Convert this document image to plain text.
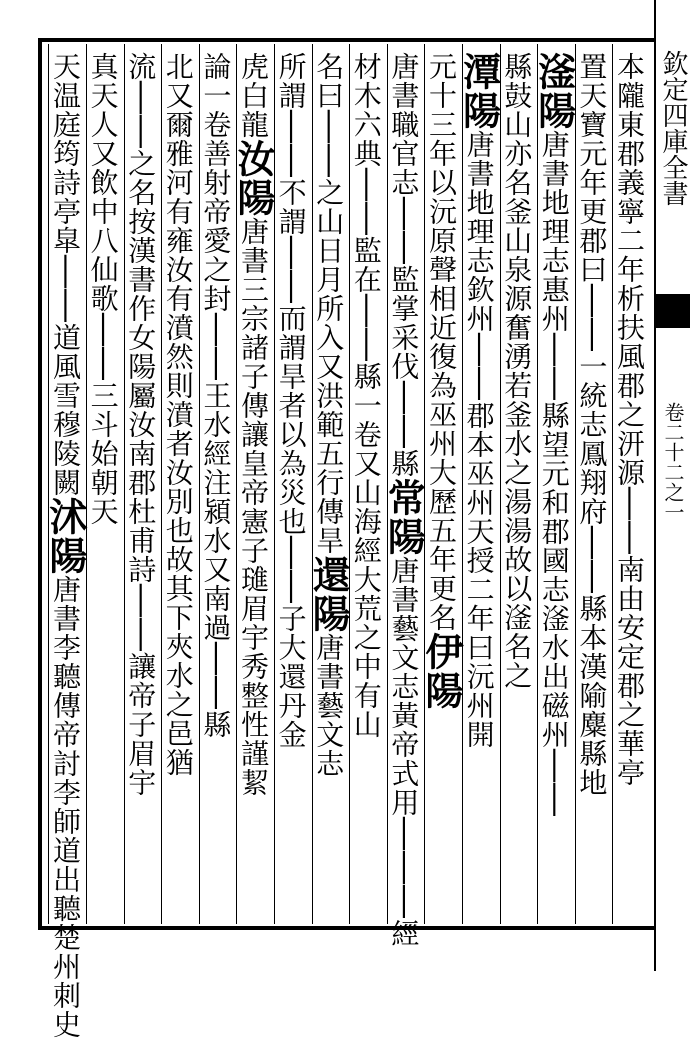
本隴東郡義寧二年析扶風郡之汧源││南由安定郡之華亭
置天寶元年更郡曰││一統志鳳翔府││縣本漢隃麋縣地
滏陽唐書地理志惠州││縣望元和郡國志滏水出磁州││
縣鼓山亦名釜山泉源奮湧若釜水之湯湯故以滏名之
潭陽唐書地理志欽州││郡本巫州天授二年曰沅州開
元十三年以沅原聲相近復為巫州大歷五年更名伊陽
唐書職官志││監掌采伐││縣常陽唐書藝文志黃帝式用│││經
材木六典││監在││縣一卷又山海經大荒之中有山
名曰││之山日月所入又洪範五行傳旱還陽唐書藝文志
所謂││不謂││而謂旱者以為災也││子大還丹金
虎白龍汝陽唐書三宗諸子傳讓皇帝憲子璡眉宇秀整性謹絜
論一卷善射帝愛之封││王水經注潁水又南過││縣
北又爾雅河有雍汝有濆然則濆者汝別也故其下夾水之邑猶
流││之名按漢書作女陽屬汝南郡杜甫詩││讓帝子眉宇
真天人又飲中八仙歌││三斗始朝天
天温庭筠詩亭皐││道風雪穆陵闕沭陽唐書李聽傳帝討李師道出聽楚州刺史
欽定四庫全書
卷二十二之一
